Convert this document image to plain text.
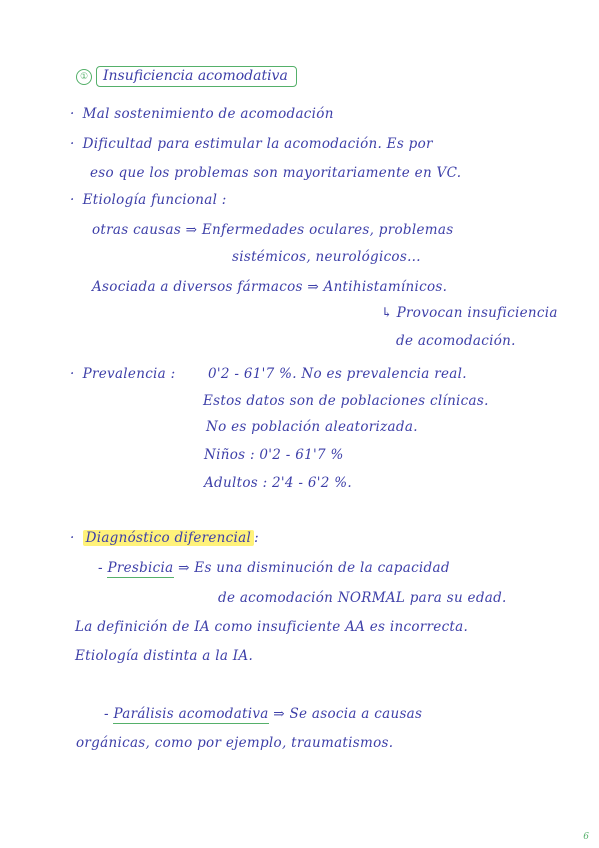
①	Insuficiencia acomodativa
· Mal sostenimiento de acomodación
· Dificultad para estimular la acomodación. Es por
eso que los problemas son mayoritariamente en VC.
· Etiología funcional :
otras causas ⇒ Enfermedades oculares, problemas
sistémicos, neurológicos...
Asociada a diversos fármacos ⇒ Antihistamínicos.
↳ Provocan insuficiencia
de acomodación.
· Prevalencia : 0'2 - 61'7 %. No es prevalencia real.
Estos datos son de poblaciones clínicas.
No es población aleatorizada.
Niños : 0'2 - 61'7 %
Adultos : 2'4 - 6'2 %.
· Diagnóstico diferencial :
- Presbicia ⇒ Es una disminución de la capacidad
de acomodación NORMAL para su edad.
La definición de IA como insuficiente AA es incorrecta.
Etiología distinta a la IA.
- Parálisis acomodativa ⇒ Se asocia a causas
orgánicas, como por ejemplo, traumatismos.
6
